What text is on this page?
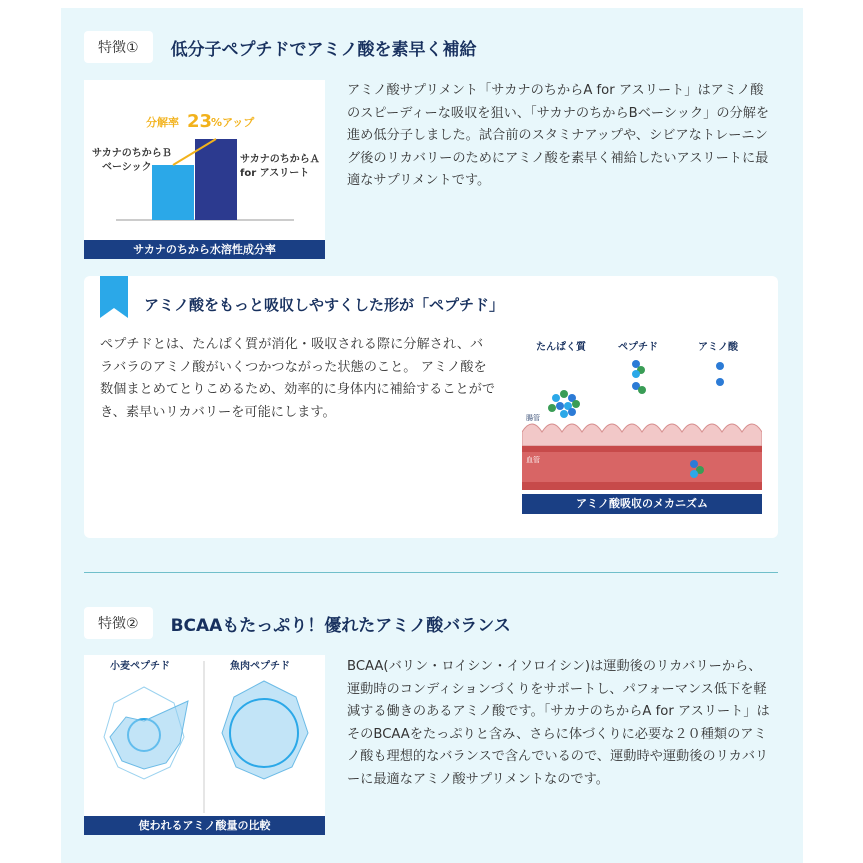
特徴①	低分子ペプチドでアミノ酸を素早く補給
分解率 23
%アップ
サカナのちからＢ
ベーシック
サカナのちからＡ
for アスリート
サカナのちから水溶性成分率
アミノ酸サプリメント「サカナのちからA for アスリート」はアミノ酸のスピーディーな吸収を狙い、「サカナのちからBベーシック」の分解を進め低分子しました。試合前のスタミナアップや、シビアなトレーニング後のリカバリーのためにアミノ酸を素早く補給したいアスリートに最適なサプリメントです。
アミノ酸をもっと吸収しやすくした形が「ペプチド」
ペプチドとは、たんぱく質が消化・吸収される際に分解され、バラバラのアミノ酸がいくつかつながった状態のこと。 アミノ酸を数個まとめてとりこめるため、効率的に身体内に補給することができ、素早いリカバリーを可能にします。
たんぱく質	ペプチド	アミノ酸
腸管
血管
アミノ酸吸収のメカニズム
特徴②	BCAAもたっぷり！優れたアミノ酸バランス
小麦ペプチド	魚肉ペプチド
使われるアミノ酸量の比較
BCAA(バリン・ロイシン・イソロイシン)は運動後のリカバリーから、運動時のコンディションづくりをサポートし、パフォーマンス低下を軽減する働きのあるアミノ酸です。「サカナのちからA for アスリート」はそのBCAAをたっぷりと含み、さらに体づくりに必要な２０種類のアミノ酸も理想的なバランスで含んでいるので、運動時や運動後のリカバリーに最適なアミノ酸サプリメントなのです。
